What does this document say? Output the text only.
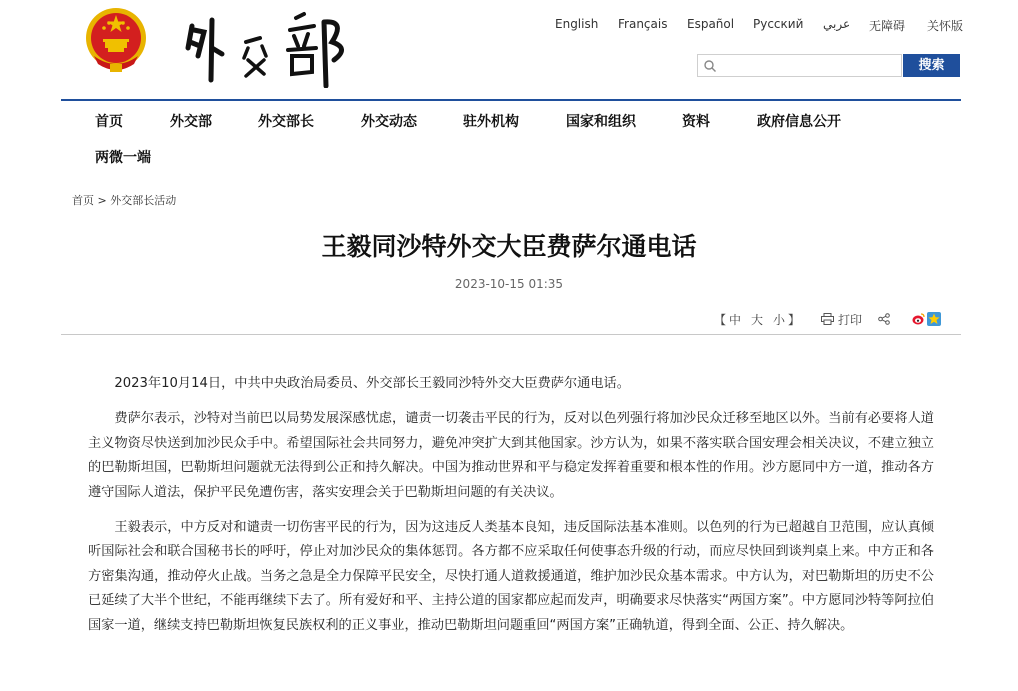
English Français Español Русский عربي 无障碍 关怀版
搜索
首页	外交部	外交部长	外交动态	驻外机构	国家和组织	资料	政府信息公开
两微一端
首页 > 外交部长活动
王毅同沙特外交大臣费萨尔通电话
2023-10-15 01:35
【 中 大 小 】	打印

2023年10月14日，中共中央政治局委员、外交部长王毅同沙特外交大臣费萨尔通电话。

费萨尔表示，沙特对当前巴以局势发展深感忧虑，谴责一切袭击平民的行为，反对以色列强行将加沙民众迁移至地区以外。当前有必要将人道主义物资尽快送到加沙民众手中。希望国际社会共同努力，避免冲突扩大到其他国家。沙方认为，如果不落实联合国安理会相关决议，不建立独立的巴勒斯坦国，巴勒斯坦问题就无法得到公正和持久解决。中国为推动世界和平与稳定发挥着重要和根本性的作用。沙方愿同中方一道，推动各方遵守国际人道法，保护平民免遭伤害，落实安理会关于巴勒斯坦问题的有关决议。

王毅表示，中方反对和谴责一切伤害平民的行为，因为这违反人类基本良知，违反国际法基本准则。以色列的行为已超越自卫范围，应认真倾听国际社会和联合国秘书长的呼吁，停止对加沙民众的集体惩罚。各方都不应采取任何使事态升级的行动，而应尽快回到谈判桌上来。中方正和各方密集沟通，推动停火止战。当务之急是全力保障平民安全，尽快打通人道救援通道，维护加沙民众基本需求。中方认为，对巴勒斯坦的历史不公已延续了大半个世纪，不能再继续下去了。所有爱好和平、主持公道的国家都应起而发声，明确要求尽快落实“两国方案”。中方愿同沙特等阿拉伯国家一道，继续支持巴勒斯坦恢复民族权利的正义事业，推动巴勒斯坦问题重回“两国方案”正确轨道，得到全面、公正、持久解决。
